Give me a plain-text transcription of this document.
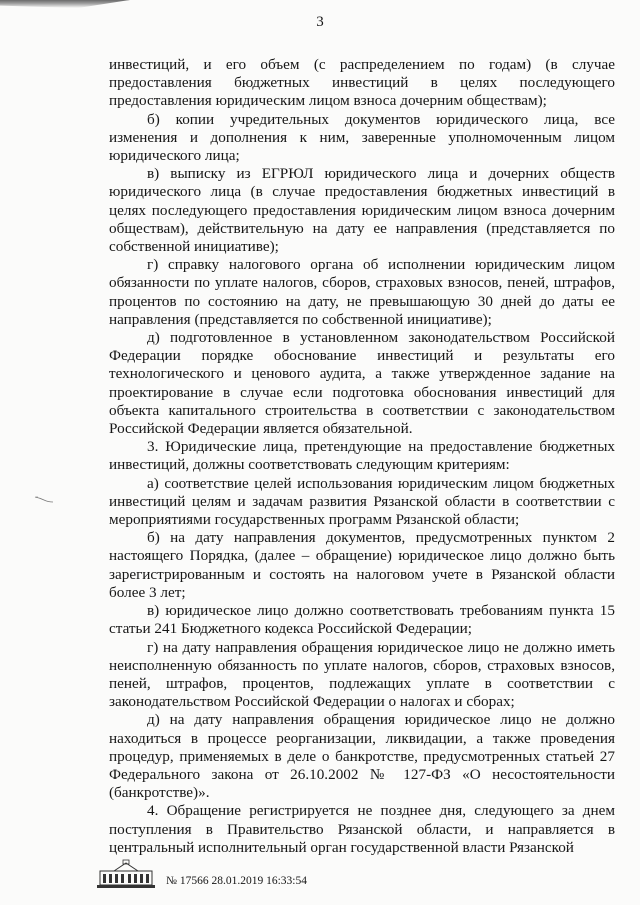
3

инвестиций, и его объем (с распределением по годам) (в случае предоставления бюджетных инвестиций в целях последующего предоставления юридическим лицом взноса дочерним обществам);

б) копии учредительных документов юридического лица, все изменения и дополнения к ним, заверенные уполномоченным лицом юридического лица;

в) выписку из ЕГРЮЛ юридического лица и дочерних обществ юридического лица (в случае предоставления бюджетных инвестиций в целях последующего предоставления юридическим лицом взноса дочерним обществам), действительную на дату ее направления (представляется по собственной инициативе);

г) справку налогового органа об исполнении юридическим лицом обязанности по уплате налогов, сборов, страховых взносов, пеней, штрафов, процентов по состоянию на дату, не превышающую 30 дней до даты ее направления (представляется по собственной инициативе);

д) подготовленное в установленном законодательством Российской Федерации порядке обоснование инвестиций и результаты его технологического и ценового аудита, а также утвержденное задание на проектирование в случае если подготовка обоснования инвестиций для объекта капитального строительства в соответствии с законодательством Российской Федерации является обязательной.

3. Юридические лица, претендующие на предоставление бюджетных инвестиций, должны соответствовать следующим критериям:

а) соответствие целей использования юридическим лицом бюджетных инвестиций целям и задачам развития Рязанской области в соответствии с мероприятиями государственных программ Рязанской области;

б) на дату направления документов, предусмотренных пунктом 2 настоящего Порядка, (далее – обращение) юридическое лицо должно быть зарегистрированным и состоять на налоговом учете в Рязанской области более 3 лет;

в) юридическое лицо должно соответствовать требованиям пункта 15 статьи 241 Бюджетного кодекса Российской Федерации;

г) на дату направления обращения юридическое лицо не должно иметь неисполненную обязанность по уплате налогов, сборов, страховых взносов, пеней, штрафов, процентов, подлежащих уплате в соответствии с законодательством Российской Федерации о налогах и сборах;

д) на дату направления обращения юридическое лицо не должно находиться в процессе реорганизации, ликвидации, а также проведения процедур, применяемых в деле о банкротстве, предусмотренных статьей 27 Федерального закона от 26.10.2002 № 127-ФЗ «О несостоятельности (банкротстве)».

4. Обращение регистрируется не позднее дня, следующего за днем поступления в Правительство Рязанской области, и направляется в центральный исполнительный орган государственной власти Рязанской

№ 17566 28.01.2019 16:33:54
